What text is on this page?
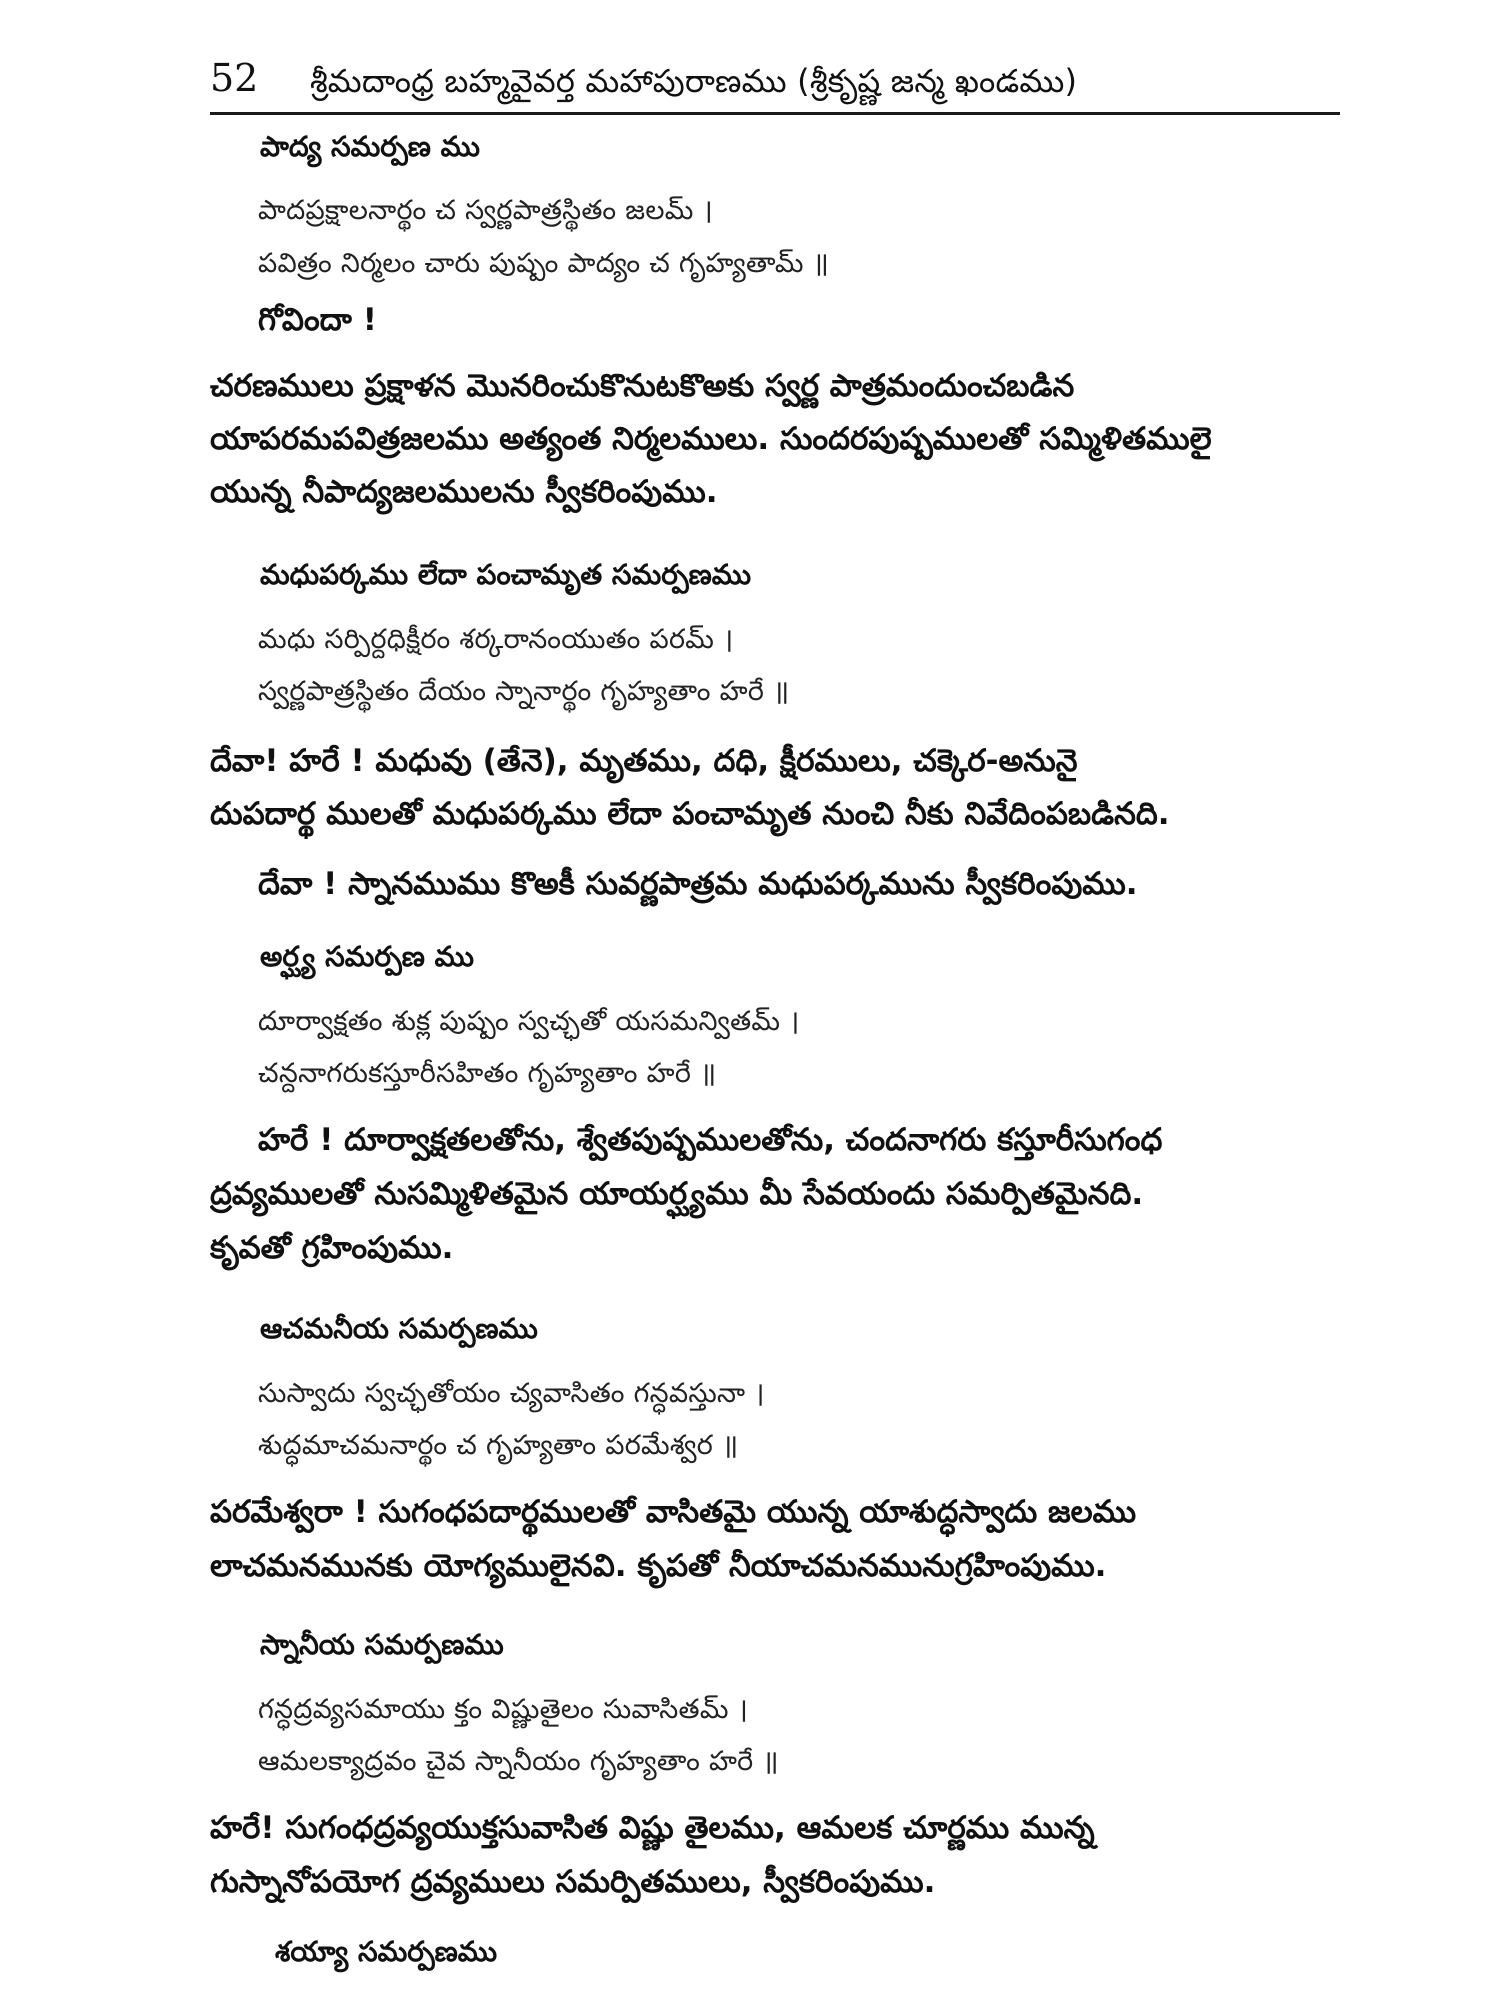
52 శ్రీమదాంధ్ర బహ్మవైవర్త మహాపురాణము (శ్రీకృష్ణ జన్మ ఖండము)
పాద్య సమర్పణ ము
పాదప్రక్షాలనార్థం చ స్వర్ణపాత్రస్థితం జలమ్ ।
పవిత్రం నిర్మలం చారు పుష్పం పాద్యం చ గృహ్యతామ్ ॥
గోవిందా !
చరణములు ప్రక్షాళన మొనరించుకొనుటకొఅకు స్వర్ణ పాత్రమందుంచబడిన
యాపరమపవిత్రజలము అత్యంత నిర్మలములు. సుందరపుష్పములతో సమ్మిళితములై
యున్న నీపాద్యజలములను స్వీకరింపుము.
మధుపర్కము లేదా పంచామృత సమర్పణము
మధు సర్పిర్దధిక్షీరం శర్కరానంయుతం పరమ్ ।
స్వర్ణపాత్రస్థితం దేయం స్నానార్థం గృహ్యతాం హరే ॥
దేవా! హరే ! మధువు (తేనె), మృతము, దధి, క్షీరములు, చక్కెర-అనునై
దుపదార్థ ములతో మధుపర్కము లేదా పంచామృత నుంచి నీకు నివేదింపబడినది.
దేవా ! స్నానముము కొఅకీ సువర్ణపాత్రమ మధుపర్కమును స్వీకరింపుము.
అర్ఘ్య సమర్పణ ము
దూర్వాక్షతం శుక్ల పుష్పం స్వచ్ఛతో యసమన్వితమ్ ।
చన్దనాగరుకస్తూరీసహితం గృహ్యతాం హరే ॥
హరే ! దూర్వాక్షతలతోను, శ్వేతపుష్పములతోను, చందనాగరు కస్తూరీసుగంధ
ద్రవ్యములతో నుసమ్మిళితమైన యాయర్ఘ్యము మీ సేవయందు సమర్పితమైనది.
కృవతో గ్రహింపుము.
ఆచమనీయ సమర్పణము
సుస్వాదు స్వచ్ఛతోయం చ్యవాసితం గన్ధవస్తునా ।
శుద్ధమాచమనార్థం చ గృహ్యతాం పరమేశ్వర ॥
పరమేశ్వరా ! సుగంధపదార్థములతో వాసితమై యున్న యాశుద్ధస్వాదు జలము
లాచమనమునకు యోగ్యములైనవి. కృపతో నీయాచమనమునుగ్రహింపుము.
స్నానీయ సమర్పణము
గన్ధద్రవ్యసమాయు క్తం విష్ణుతైలం సువాసితమ్ ।
ఆమలక్యాద్రవం చైవ స్నానీయం గృహ్యతాం హరే ॥
హరే! సుగంధద్రవ్యయుక్తసువాసిత విష్ణు తైలము, ఆమలక చూర్ణము మున్న
గుస్నానోపయోగ ద్రవ్యములు సమర్పితములు, స్వీకరింపుము.
శయ్యా సమర్పణము
